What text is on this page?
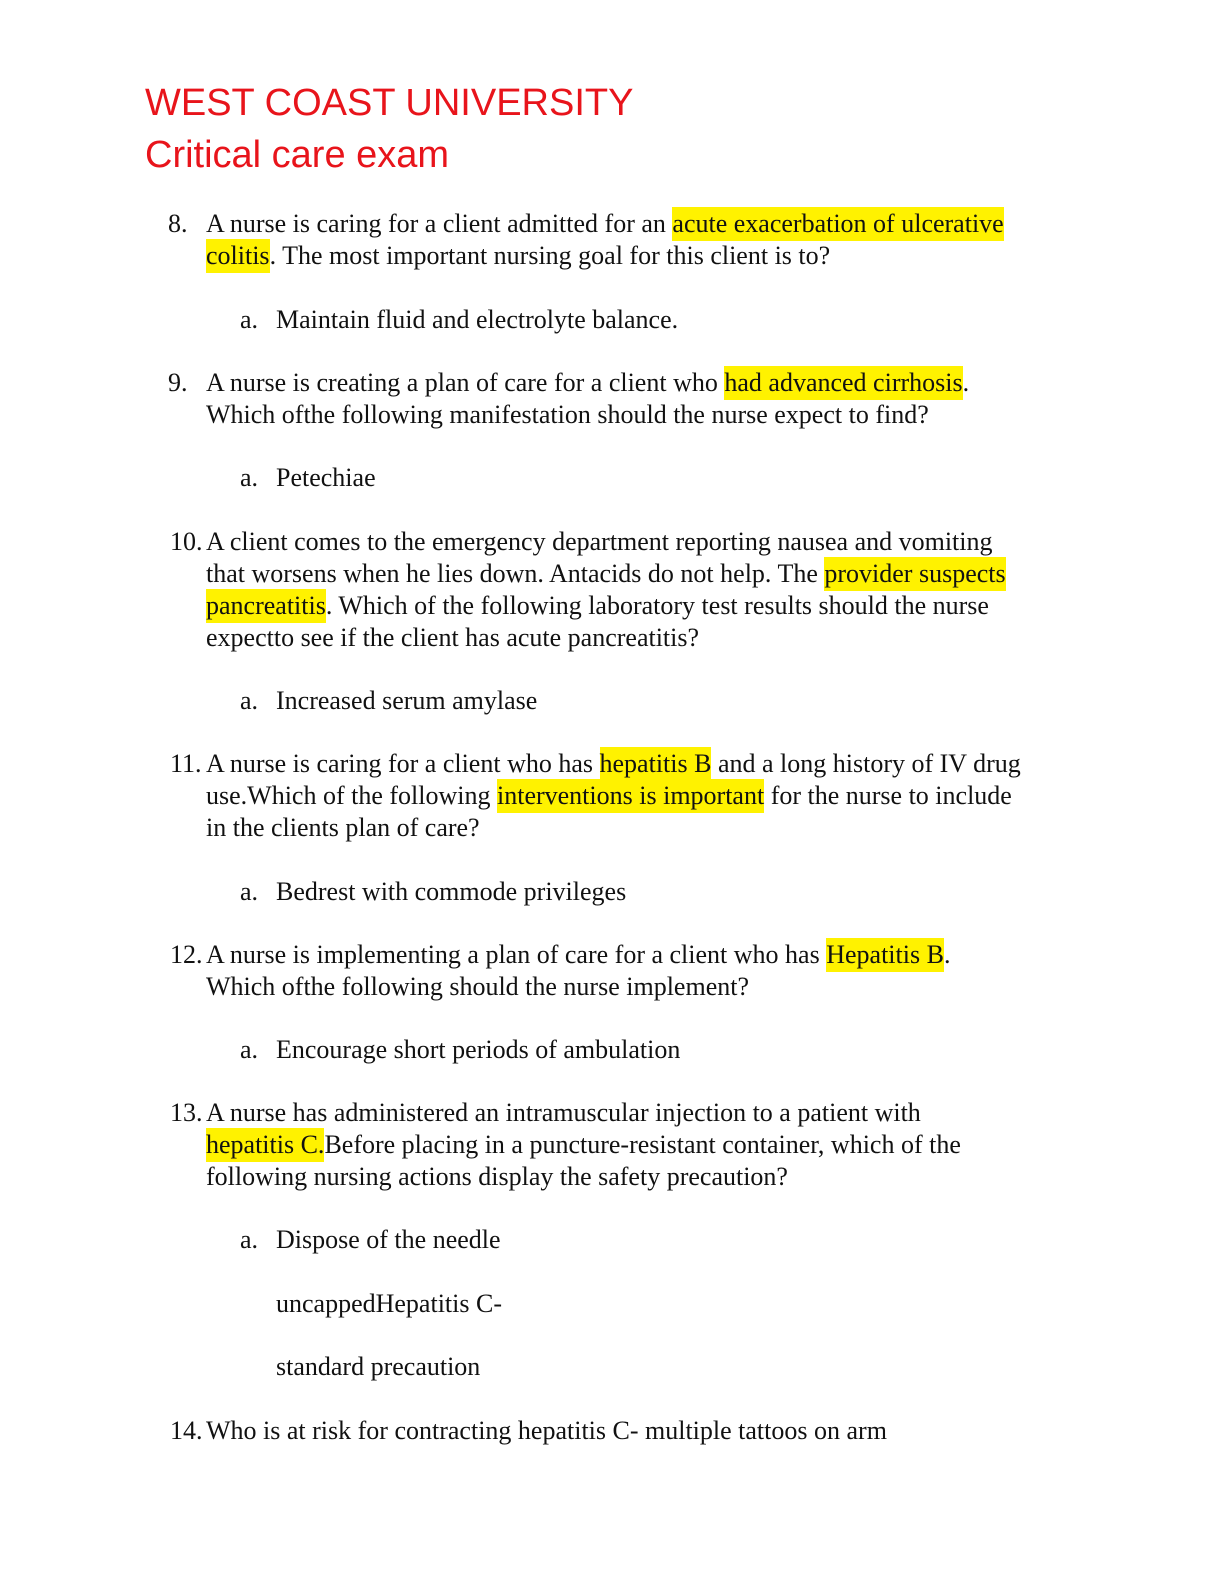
WEST COAST UNIVERSITY
Critical care exam
8. A nurse is caring for a client admitted for an acute exacerbation of ulcerative
colitis. The most important nursing goal for this client is to?
a. Maintain fluid and electrolyte balance.
9. A nurse is creating a plan of care for a client who had advanced cirrhosis.
Which ofthe following manifestation should the nurse expect to find?
a. Petechiae
10. A client comes to the emergency department reporting nausea and vomiting
that worsens when he lies down. Antacids do not help. The provider suspects
pancreatitis. Which of the following laboratory test results should the nurse
expectto see if the client has acute pancreatitis?
a. Increased serum amylase
11. A nurse is caring for a client who has hepatitis B and a long history of IV drug
use.Which of the following interventions is important for the nurse to include
in the clients plan of care?
a. Bedrest with commode privileges
12. A nurse is implementing a plan of care for a client who has Hepatitis B.
Which ofthe following should the nurse implement?
a. Encourage short periods of ambulation
13. A nurse has administered an intramuscular injection to a patient with
hepatitis C.Before placing in a puncture-resistant container, which of the
following nursing actions display the safety precaution?
a. Dispose of the needle
uncappedHepatitis C-
standard precaution
14. Who is at risk for contracting hepatitis C- multiple tattoos on arm
